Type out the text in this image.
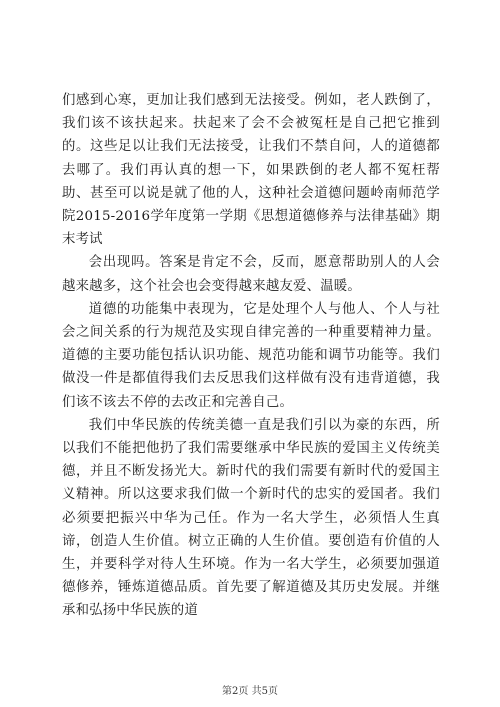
们感到心寒，更加让我们感到无法接受。例如，老人跌倒了，我们该不该扶起来。扶起来了会不会被冤枉是自己把它推到的。这些足以让我们无法接受，让我们不禁自问，人的道德都去哪了。我们再认真的想一下，如果跌倒的老人都不冤枉帮助、甚至可以说是就了他的人，这种社会道德问题岭南师范学院2015-2016学年度第一学期《思想道德修养与法律基础》期末考试

会出现吗。答案是肯定不会，反而，愿意帮助别人的人会越来越多，这个社会也会变得越来越友爱、温暖。

道德的功能集中表现为，它是处理个人与他人、个人与社会之间关系的行为规范及实现自律完善的一种重要精神力量。道德的主要功能包括认识功能、规范功能和调节功能等。我们做没一件是都值得我们去反思我们这样做有没有违背道德，我们该不该去不停的去改正和完善自己。

我们中华民族的传统美德一直是我们引以为豪的东西，所以我们不能把他扔了我们需要继承中华民族的爱国主义传统美德，并且不断发扬光大。新时代的我们需要有新时代的爱国主义精神。所以这要求我们做一个新时代的忠实的爱国者。我们必须要把振兴中华为己任。作为一名大学生，必须悟人生真谛，创造人生价值。树立正确的人生价值。要创造有价值的人生，并要科学对待人生环境。作为一名大学生，必须要加强道德修养，锤炼道德品质。首先要了解道德及其历史发展。并继承和弘扬中华民族的道

第2页 共5页
